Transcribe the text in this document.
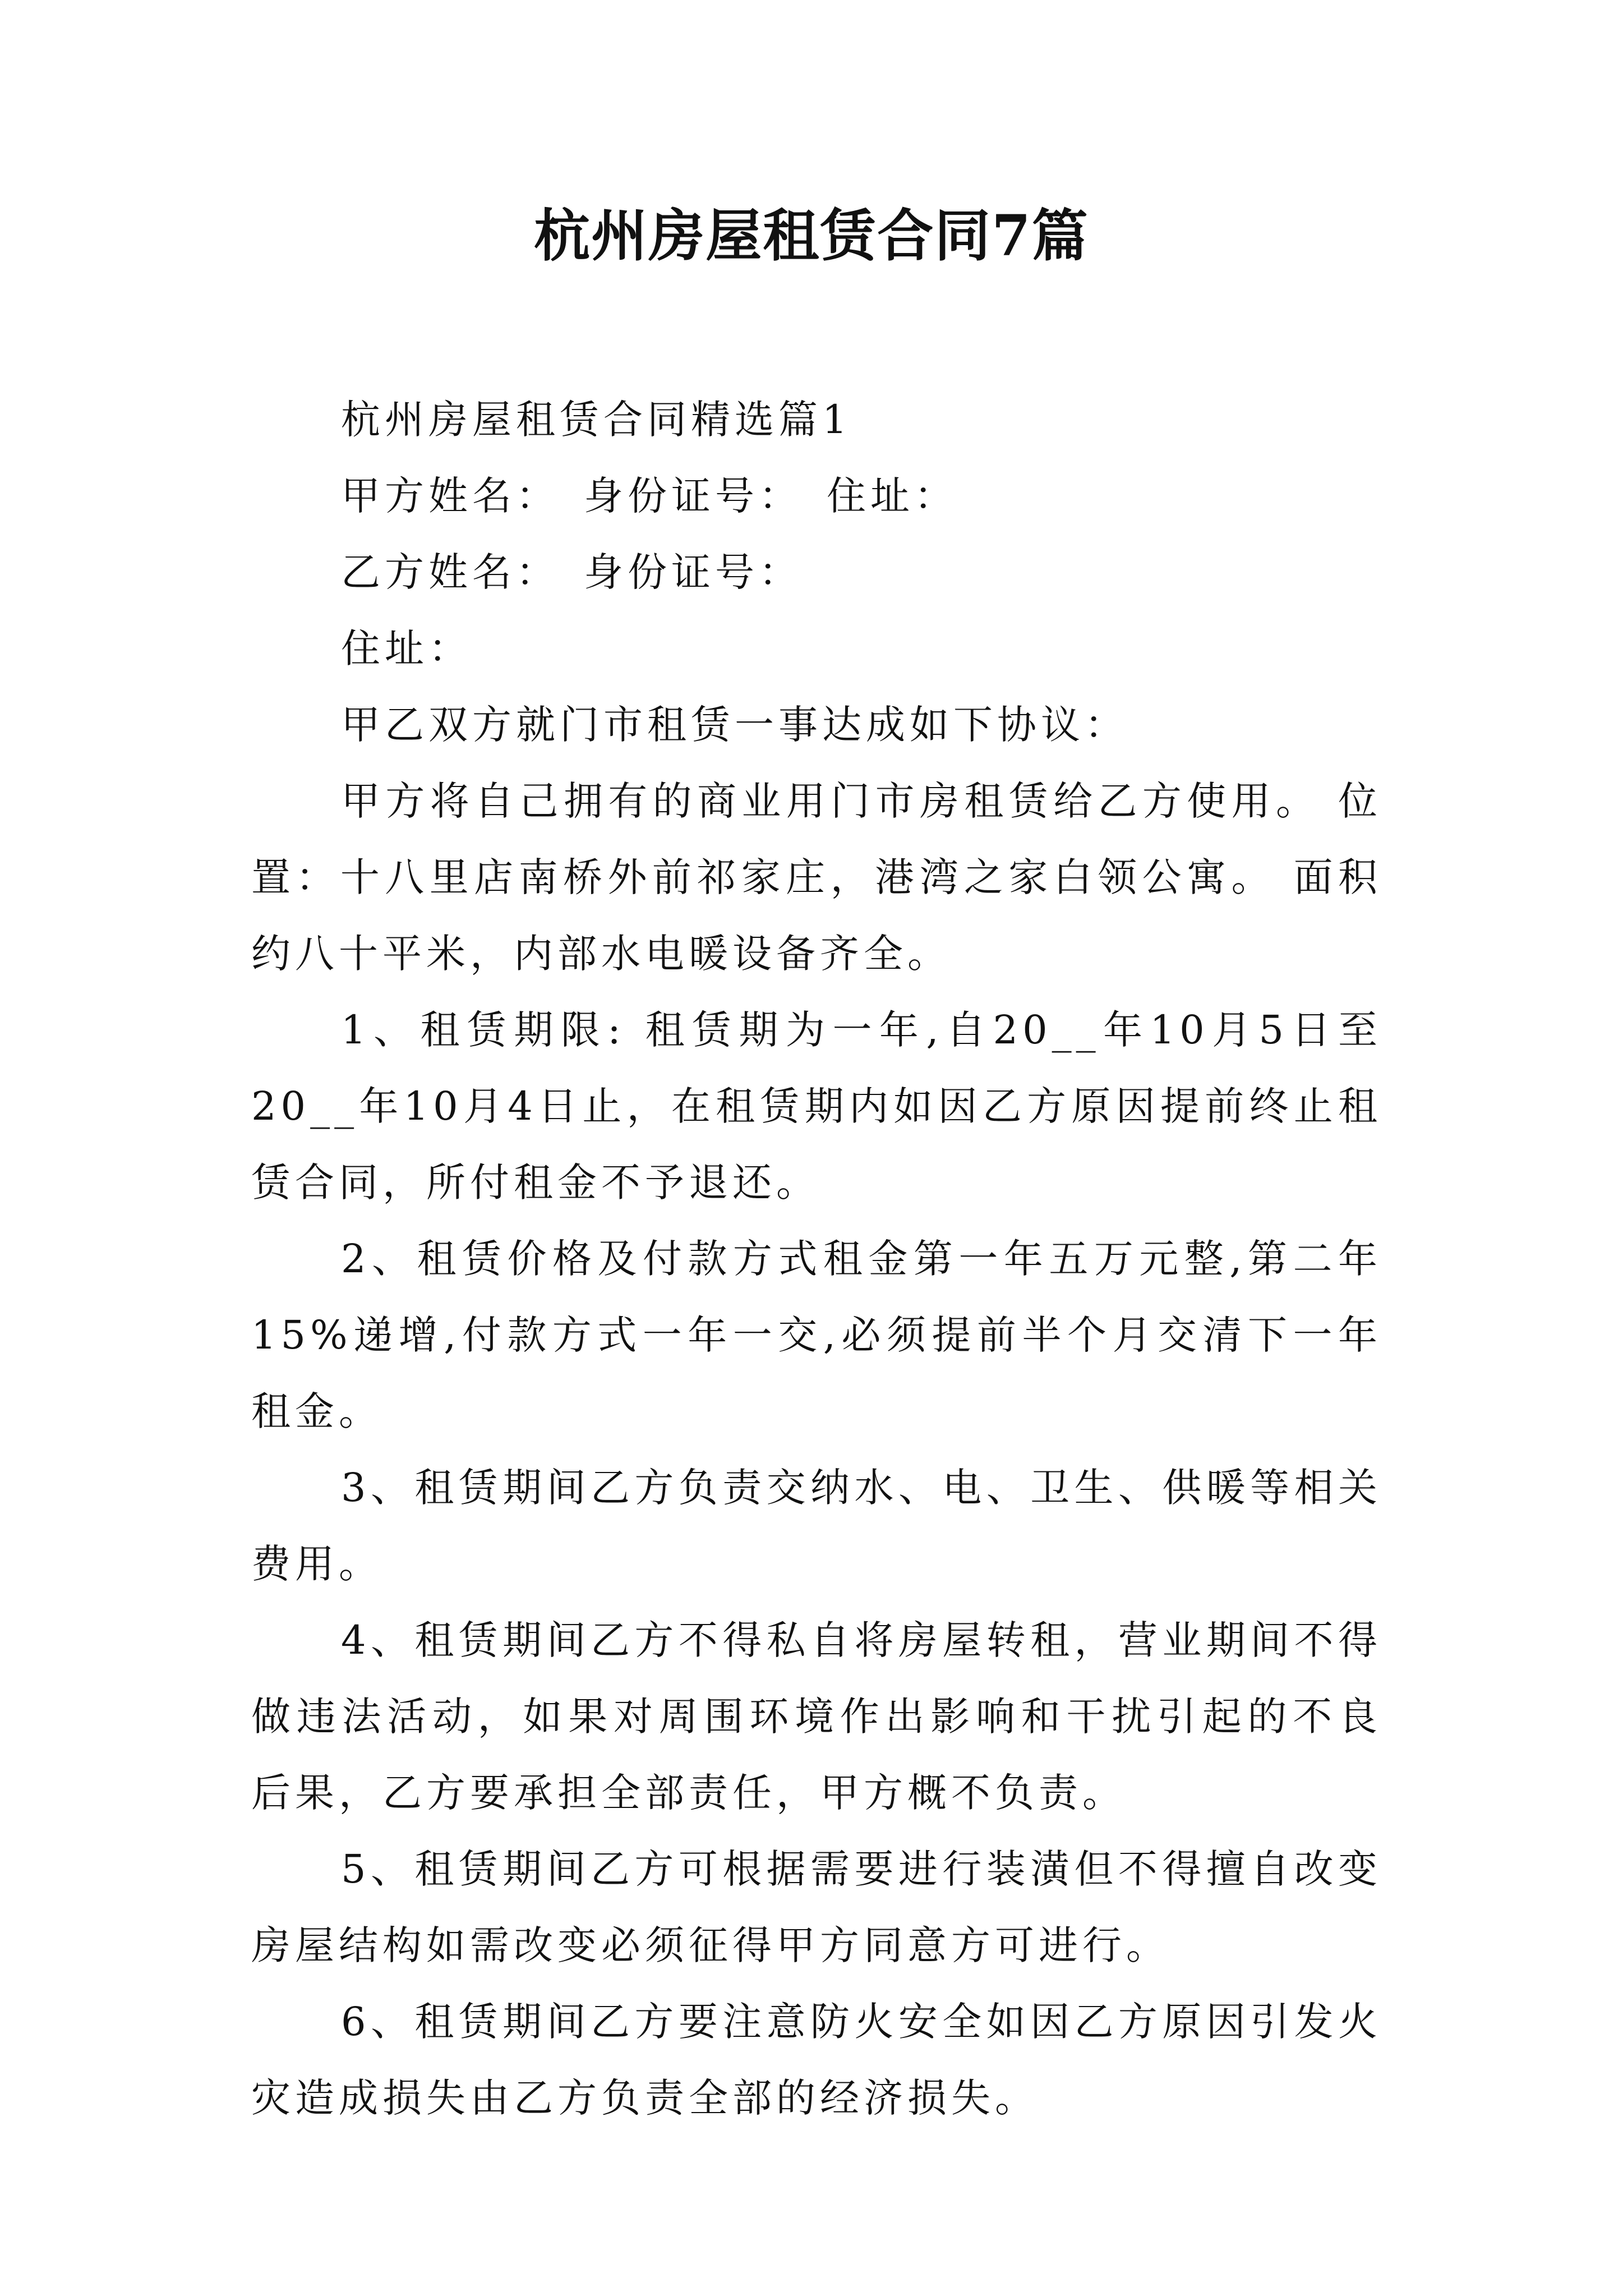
杭州房屋租赁合同7篇

杭州房屋租赁合同精选篇1

甲方姓名：　身份证号：　住址：

乙方姓名：　身份证号：

住址：

甲乙双方就门市租赁一事达成如下协议：

甲方将自己拥有的商业用门市房租赁给乙方使用。 位置：十八里店南桥外前祁家庄，港湾之家白领公寓。 面积约八十平米，内部水电暖设备齐全。

1、租赁期限: 租赁期为一年,自20__年10月5日至20__年10月4日止，在租赁期内如因乙方原因提前终止租赁合同，所付租金不予退还。

2、租赁价格及付款方式租金第一年五万元整,第二年15%递增,付款方式一年一交,必须提前半个月交清下一年租金。

3、租赁期间乙方负责交纳水、电、卫生、供暖等相关费用。

4、租赁期间乙方不得私自将房屋转租，营业期间不得做违法活动，如果对周围环境作出影响和干扰引起的不良后果，乙方要承担全部责任，甲方概不负责。

5、租赁期间乙方可根据需要进行装潢但不得擅自改变房屋结构如需改变必须征得甲方同意方可进行。

6、租赁期间乙方要注意防火安全如因乙方原因引发火灾造成损失由乙方负责全部的经济损失。
